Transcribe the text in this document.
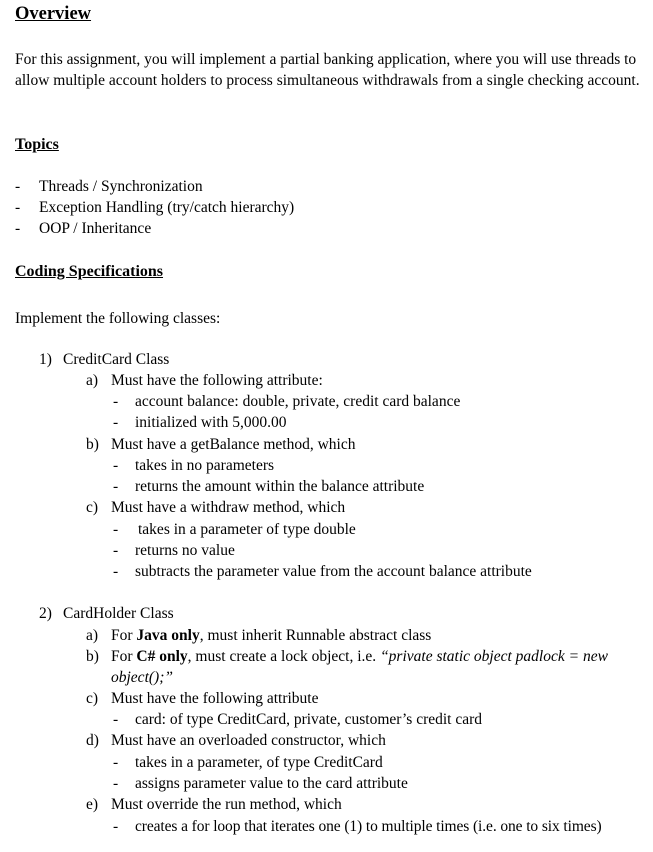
Overview
For this assignment, you will implement a partial banking application, where you will use threads to allow multiple account holders to process simultaneous withdrawals from a single checking account.
Topics
- Threads / Synchronization
- Exception Handling (try/catch hierarchy)
- OOP / Inheritance
Coding Specifications
Implement the following classes:
1) CreditCard Class
a) Must have the following attribute:
- account balance: double, private, credit card balance
- initialized with 5,000.00
b) Must have a getBalance method, which
- takes in no parameters
- returns the amount within the balance attribute
c) Must have a withdraw method, which
- takes in a parameter of type double
- returns no value
- subtracts the parameter value from the account balance attribute
2) CardHolder Class
a) For Java only, must inherit Runnable abstract class
b) For C# only, must create a lock object, i.e. “private static object padlock = new
object();”
c) Must have the following attribute
- card: of type CreditCard, private, customer’s credit card
d) Must have an overloaded constructor, which
- takes in a parameter, of type CreditCard
- assigns parameter value to the card attribute
e) Must override the run method, which
- creates a for loop that iterates one (1) to multiple times (i.e. one to six times)
